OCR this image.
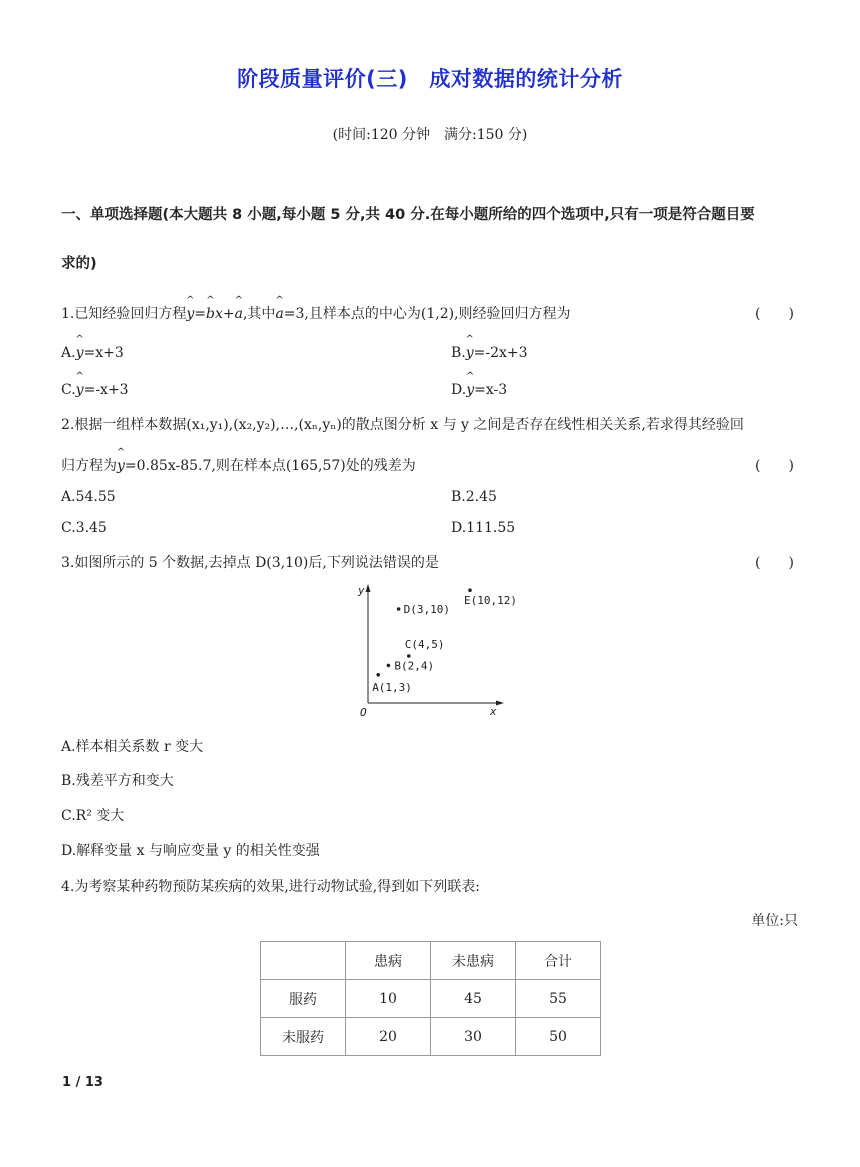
阶段质量评价(三)　成对数据的统计分析
(时间:120 分钟　满分:150 分)
一、单项选择题(本大题共 8 小题,每小题 5 分,共 40 分.在每小题所给的四个选项中,只有一项是符合题目要
求的)
1.已知经验回归方程^ y=^ bx+^ a,其中^ a=3,且样本点的中心为(1,2),则经验回归方程为	(　　)
A.^ y=x+3	B.^ y=-2x+3
C.^ y=-x+3	D.^ y=x-3
2.根据一组样本数据(x₁,y₁),(x₂,y₂),…,(xₙ,yₙ)的散点图分析 x 与 y 之间是否存在线性相关关系,若求得其经验回
归方程为^ y=0.85x-85.7,则在样本点(165,57)处的残差为	(　　)
A.54.55	B.2.45
C.3.45	D.111.55
3.如图所示的 5 个数据,去掉点 D(3,10)后,下列说法错误的是	(　　)
y
x
O
A(1,3)
B(2,4)
C(4,5)
D(3,10)
E(10,12)
A.样本相关系数 r 变大
B.残差平方和变大
C.R² 变大
D.解释变量 x 与响应变量 y 的相关性变强
4.为考察某种药物预防某疾病的效果,进行动物试验,得到如下列联表:
单位:只
	患病	未患病	合计
服药	10	45	55
未服药	20	30	50
1 / 13
